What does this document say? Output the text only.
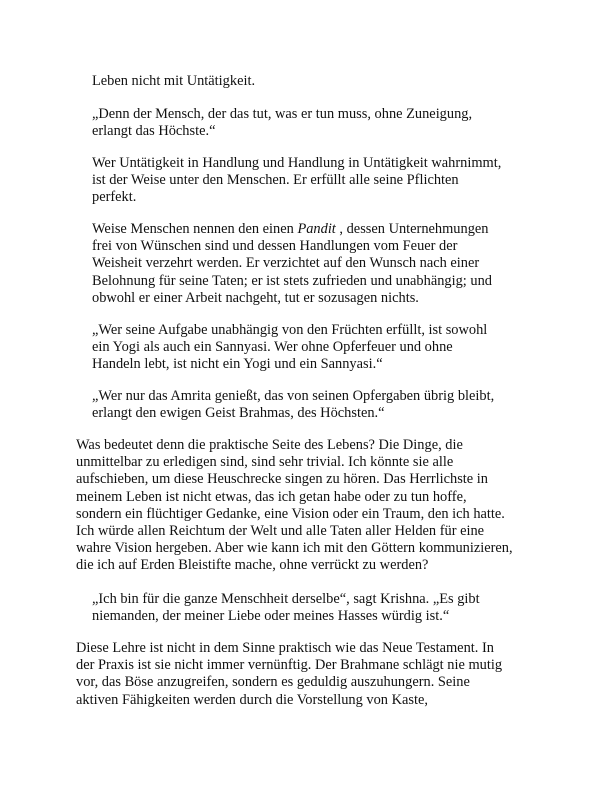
Leben nicht mit Untätigkeit.

„Denn der Mensch, der das tut, was er tun muss, ohne Zuneigung,
erlangt das Höchste.“

Wer Untätigkeit in Handlung und Handlung in Untätigkeit wahrnimmt,
ist der Weise unter den Menschen. Er erfüllt alle seine Pflichten
perfekt.

Weise Menschen nennen den einen Pandit , dessen Unternehmungen
frei von Wünschen sind und dessen Handlungen vom Feuer der
Weisheit verzehrt werden. Er verzichtet auf den Wunsch nach einer
Belohnung für seine Taten; er ist stets zufrieden und unabhängig; und
obwohl er einer Arbeit nachgeht, tut er sozusagen nichts.

„Wer seine Aufgabe unabhängig von den Früchten erfüllt, ist sowohl
ein Yogi als auch ein Sannyasi. Wer ohne Opferfeuer und ohne
Handeln lebt, ist nicht ein Yogi und ein Sannyasi.“

„Wer nur das Amrita genießt, das von seinen Opfergaben übrig bleibt,
erlangt den ewigen Geist Brahmas, des Höchsten.“

Was bedeutet denn die praktische Seite des Lebens? Die Dinge, die
unmittelbar zu erledigen sind, sind sehr trivial. Ich könnte sie alle
aufschieben, um diese Heuschrecke singen zu hören. Das Herrlichste in
meinem Leben ist nicht etwas, das ich getan habe oder zu tun hoffe,
sondern ein flüchtiger Gedanke, eine Vision oder ein Traum, den ich hatte.
Ich würde allen Reichtum der Welt und alle Taten aller Helden für eine
wahre Vision hergeben. Aber wie kann ich mit den Göttern kommunizieren,
die ich auf Erden Bleistifte mache, ohne verrückt zu werden?

„Ich bin für die ganze Menschheit derselbe“, sagt Krishna. „Es gibt
niemanden, der meiner Liebe oder meines Hasses würdig ist.“

Diese Lehre ist nicht in dem Sinne praktisch wie das Neue Testament. In
der Praxis ist sie nicht immer vernünftig. Der Brahmane schlägt nie mutig
vor, das Böse anzugreifen, sondern es geduldig auszuhungern. Seine
aktiven Fähigkeiten werden durch die Vorstellung von Kaste,
